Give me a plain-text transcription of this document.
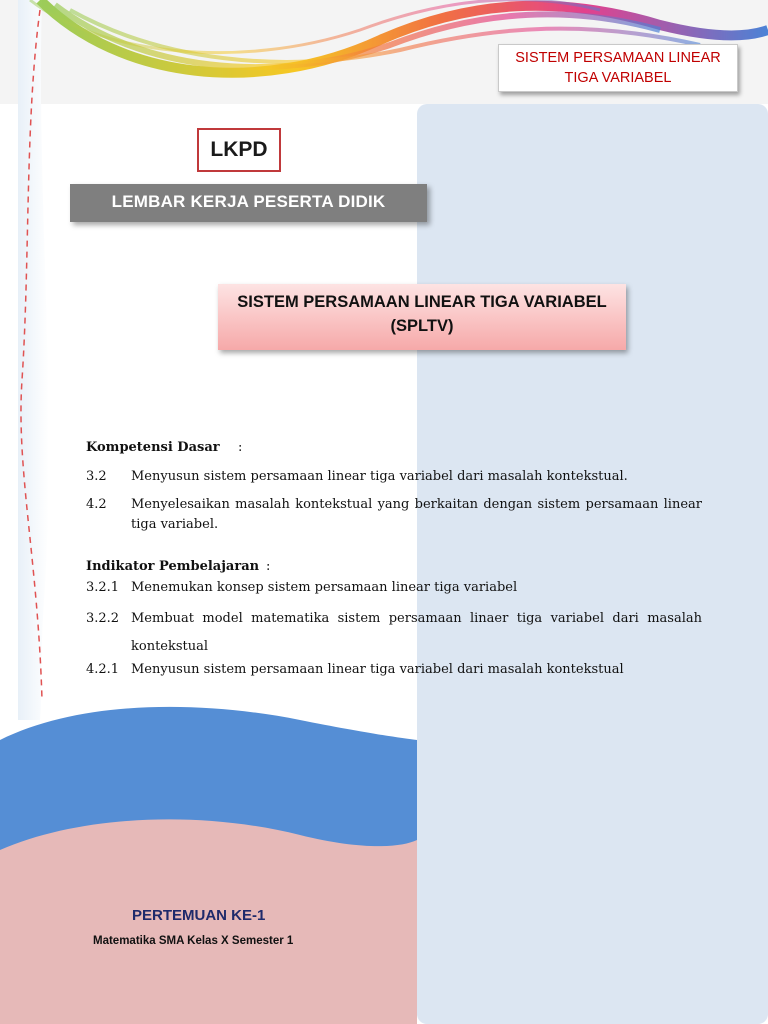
SISTEM PERSAMAAN LINEAR TIGA VARIABEL
LKPD
LEMBAR KERJA PESERTA DIDIK
SISTEM PERSAMAAN LINEAR TIGA VARIABEL
(SPLTV)
Kompetensi Dasar :
3.2 Menyusun sistem persamaan linear tiga variabel dari masalah kontekstual.
4.2 Menyelesaikan masalah kontekstual yang berkaitan dengan sistem persamaan linear tiga variabel.
Indikator Pembelajaran :
3.2.1 Menemukan konsep sistem persamaan linear tiga variabel
3.2.2 Membuat model matematika sistem persamaan linaer tiga variabel dari masalah kontekstual
4.2.1 Menyusun sistem persamaan linear tiga variabel dari masalah kontekstual
PERTEMUAN KE-1
Matematika SMA Kelas X Semester 1
